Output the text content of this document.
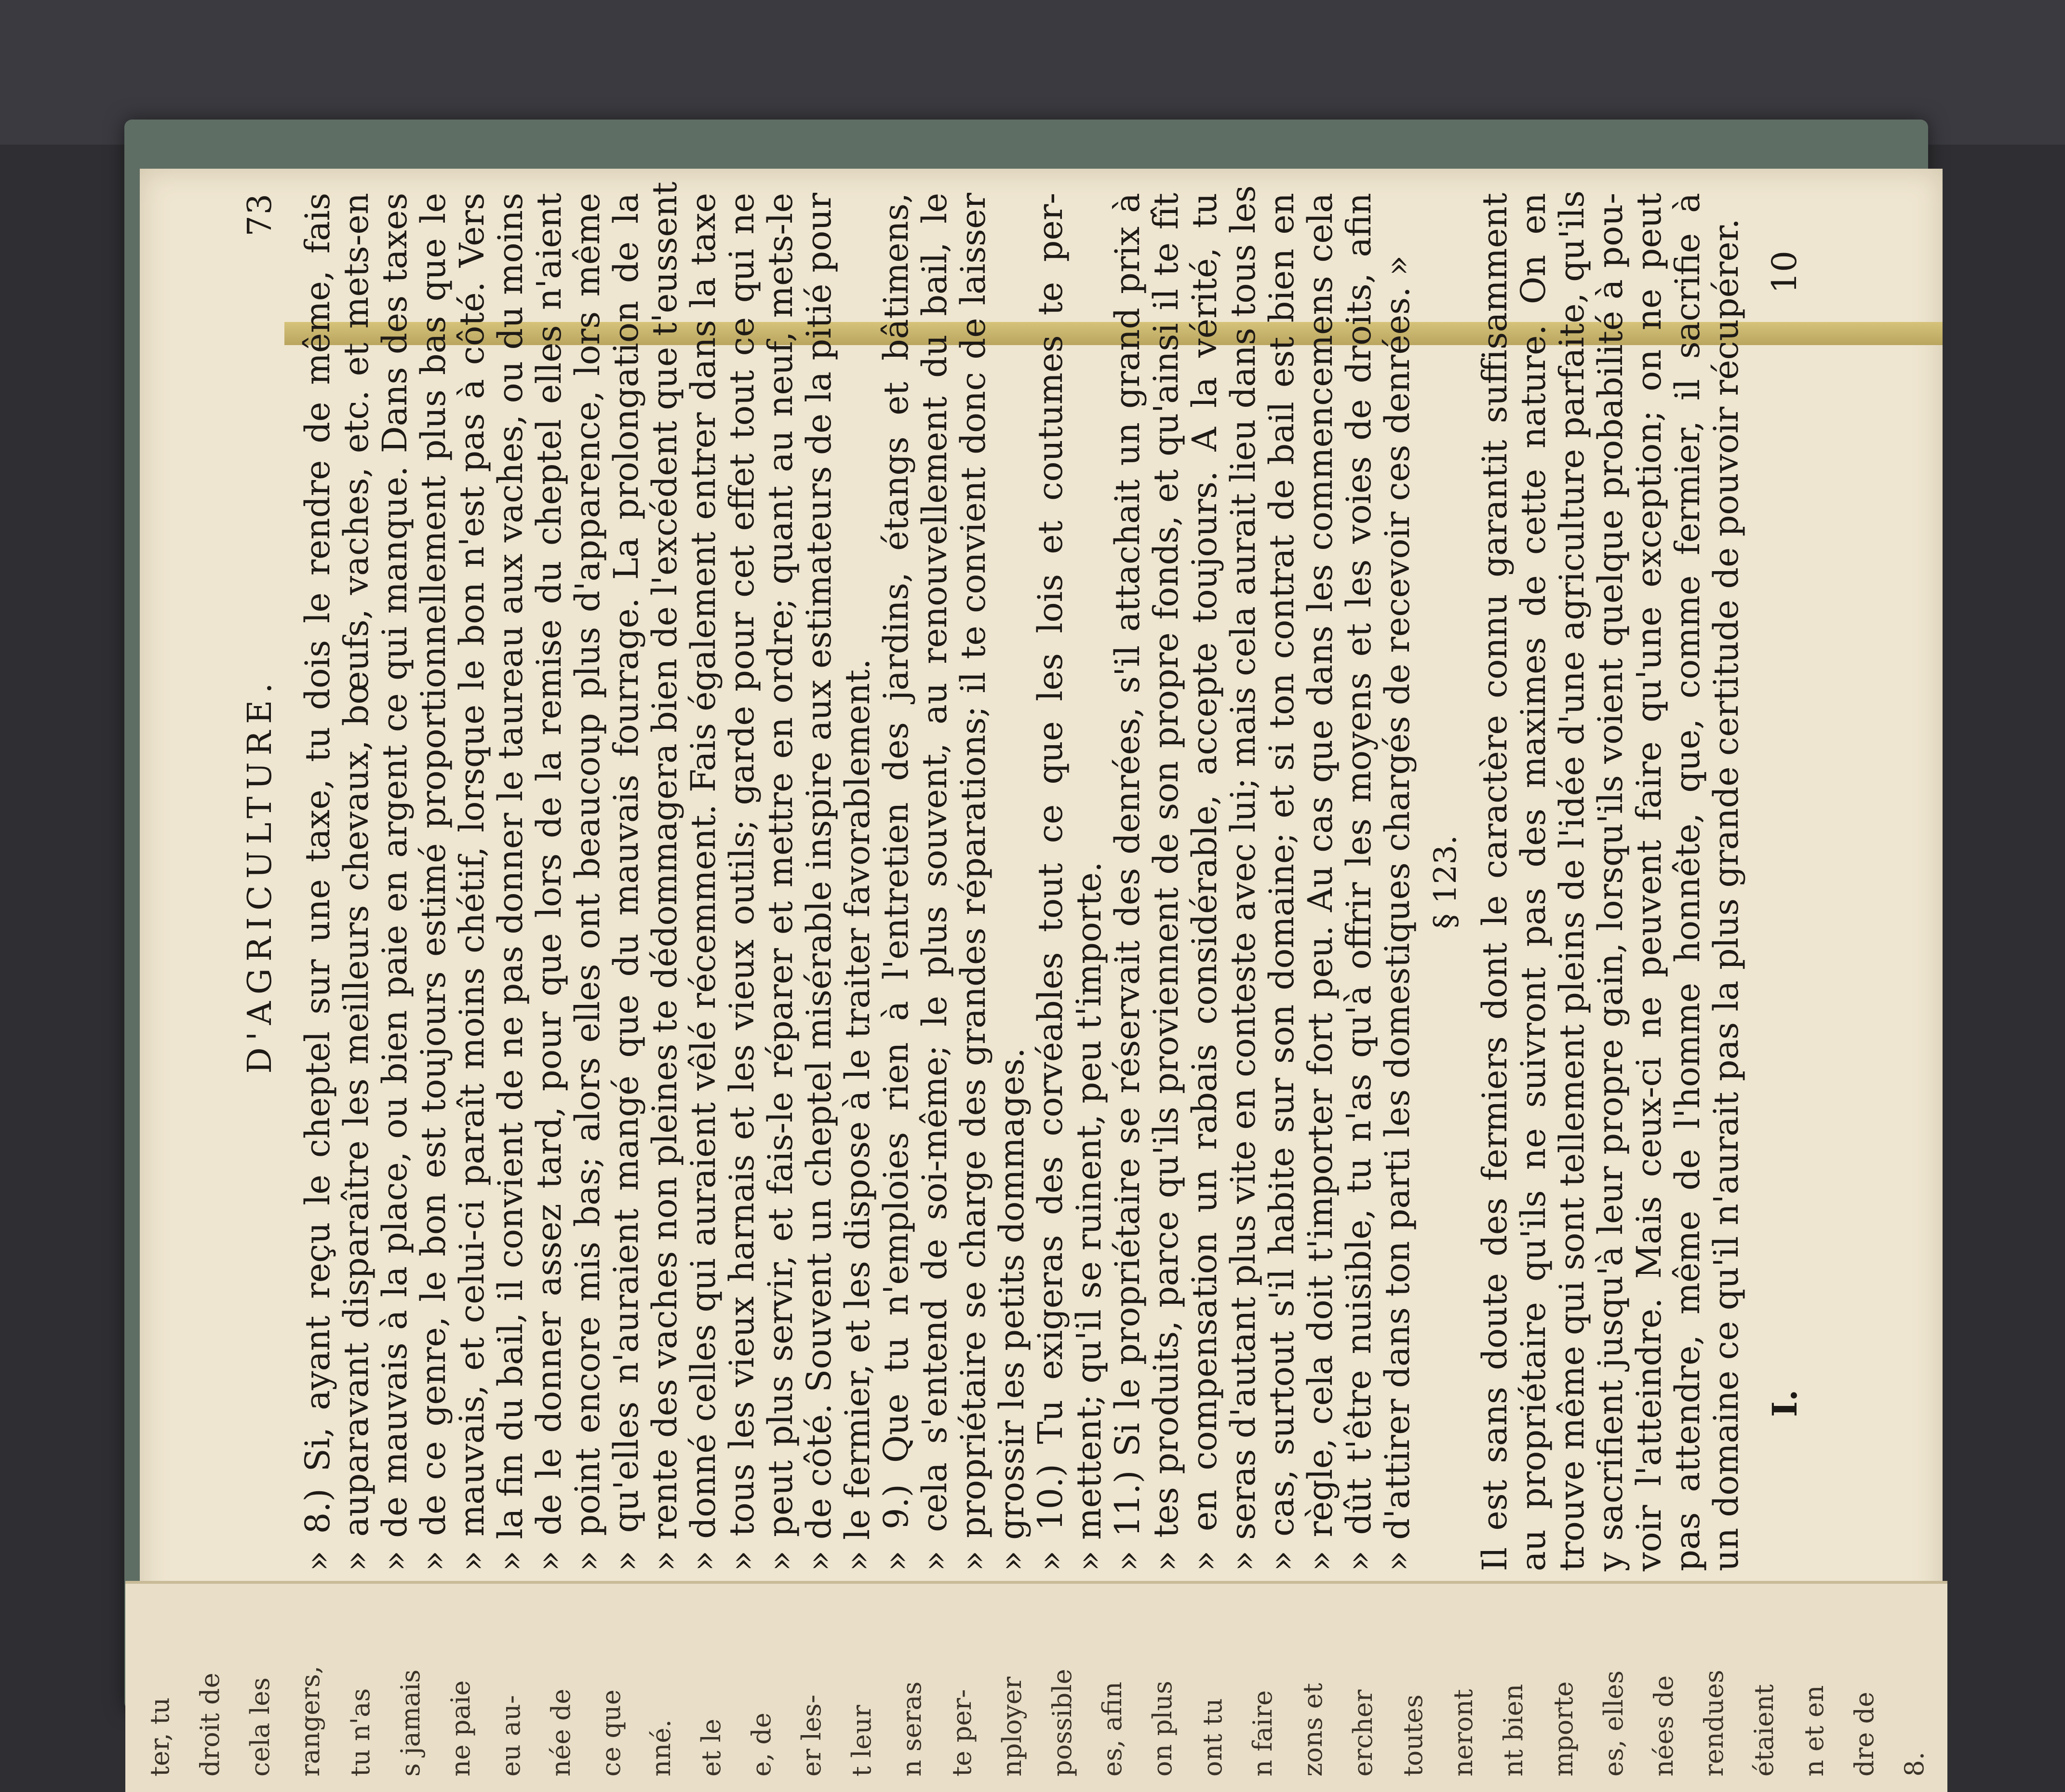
D'AGRICULTURE.
73 » 8.) Si, ayant reçu le cheptel sur une taxe, tu dois le rendre de même, fais
» auparavant disparaître les meilleurs chevaux, bœufs, vaches, etc. et mets-en
» de mauvais à la place, ou bien paie en argent ce qui manque. Dans des taxes
» de ce genre, le bon est toujours estimé proportionnellement plus bas que le
» mauvais, et celui-ci paraît moins chétif, lorsque le bon n'est pas à côté. Vers
» la fin du bail, il convient de ne pas donner le taureau aux vaches, ou du moins
» de le donner assez tard, pour que lors de la remise du cheptel elles n'aient
» point encore mis bas; alors elles ont beaucoup plus d'apparence, lors même
» qu'elles n'auraient mangé que du mauvais fourrage. La prolongation de la
» rente des vaches non pleines te dédommagera bien de l'excédent que t'eussent
» donné celles qui auraient vêlé récemment. Fais également entrer dans la taxe
» tous les vieux harnais et les vieux outils; garde pour cet effet tout ce qui ne
» peut plus servir, et fais-le réparer et mettre en ordre; quant au neuf, mets-le
» de côté. Souvent un cheptel misérable inspire aux estimateurs de la pitié pour
» le fermier, et les dispose à le traiter favorablement.
» 9.) Que tu n'emploies rien à l'entretien des jardins, étangs et bâtimens,
» cela s'entend de soi-même; le plus souvent, au renouvellement du bail, le
» propriétaire se charge des grandes réparations; il te convient donc de laisser
» grossir les petits dommages.
» 10.) Tu exigeras des corvéables tout ce que les lois et coutumes te per-
» mettent; qu'il se ruinent, peu t'importe.
» 11.) Si le propriétaire se réservait des denrées, s'il attachait un grand prix à
» tes produits, parce qu'ils proviennent de son propre fonds, et qu'ainsi il te fît
» en compensation un rabais considérable, accepte toujours. A la vérité, tu
» seras d'autant plus vite en conteste avec lui; mais cela aurait lieu dans tous les
» cas, surtout s'il habite sur son domaine; et si ton contrat de bail est bien en
» règle, cela doit t'importer fort peu. Au cas que dans les commencemens cela
» dût t'être nuisible, tu n'as qu'à offrir les moyens et les voies de droits, afin
» d'attirer dans ton parti les domestiques chargés de recevoir ces denrées. » § 123. Il est sans doute des fermiers dont le caractère connu garantit suffisamment
au propriétaire qu'ils ne suivront pas des maximes de cette nature. On en
trouve même qui sont tellement pleins de l'idée d'une agriculture parfaite, qu'ils
y sacrifient jusqu'à leur propre gain, lorsqu'ils voient quelque probabilité à pou-
voir l'atteindre. Mais ceux-ci ne peuvent faire qu'une exception; on ne peut
pas attendre, même de l'homme honnête, que, comme fermier, il sacrifie à
un domaine ce qu'il n'aurait pas la plus grande certitude de pouvoir récupérer. I.
10
ter, tu droit de cela les rangers, tu n'as s jamais ne paie eu au- née de ce que nné. et le e, de er les- t leur n seras te per- nployer possible es, afin on plus ont tu n faire zons et ercher toutes neront nt bien mporte es, elles nées de rendues étaient n et en dre de 8.
